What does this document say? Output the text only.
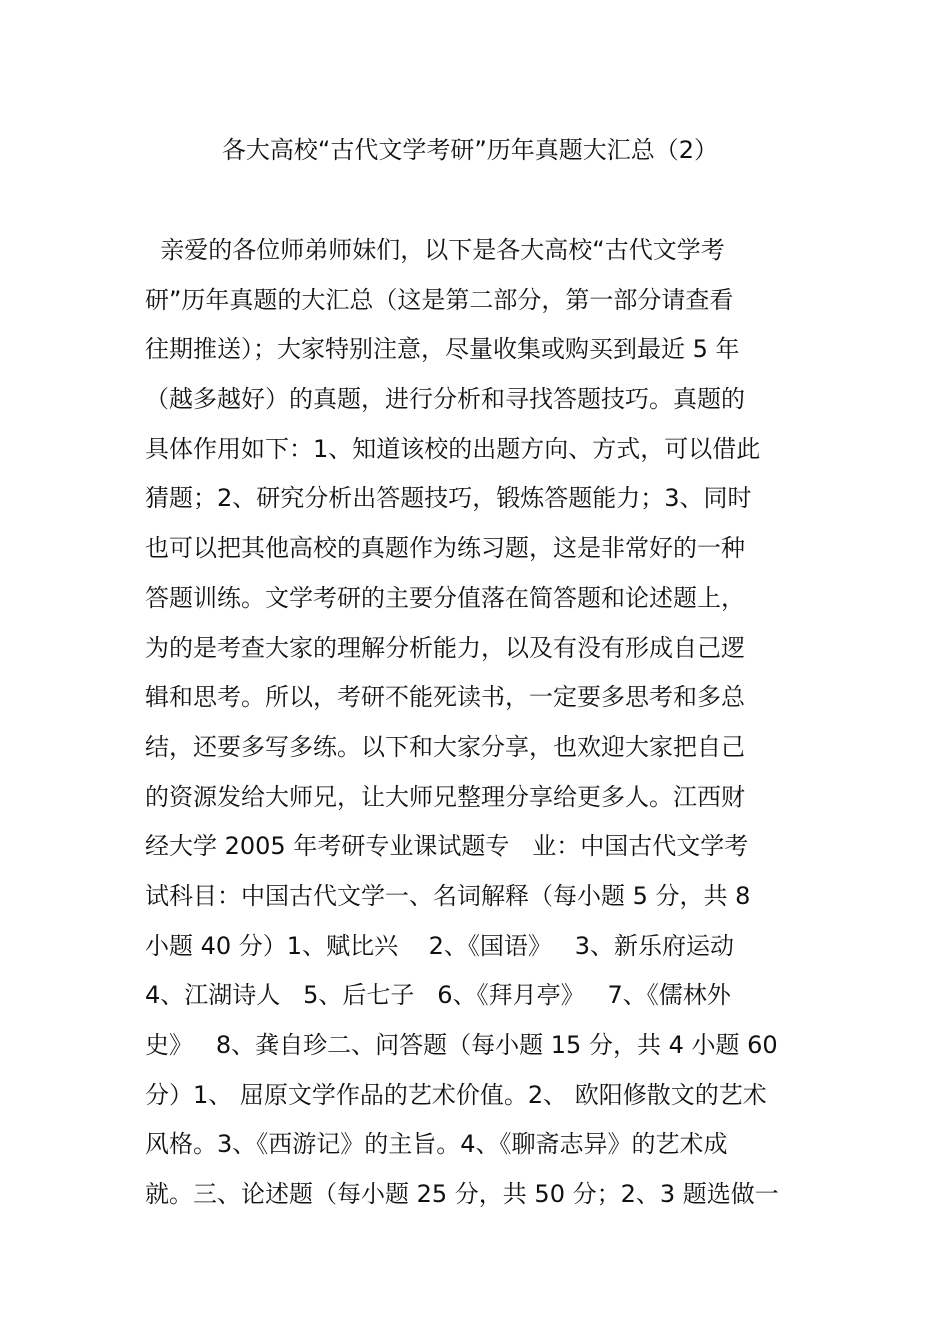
各大高校“古代文学考研”历年真题大汇总（2）
亲爱的各位师弟师妹们，以下是各大高校“古代文学考
研”历年真题的大汇总（这是第二部分，第一部分请查看
往期推送）；大家特别注意，尽量收集或购买到最近 5 年
（越多越好）的真题，进行分析和寻找答题技巧。真题的
具体作用如下：1、知道该校的出题方向、方式，可以借此
猜题；2、研究分析出答题技巧，锻炼答题能力；3、同时
也可以把其他高校的真题作为练习题，这是非常好的一种
答题训练。文学考研的主要分值落在简答题和论述题上，
为的是考查大家的理解分析能力，以及有没有形成自己逻
辑和思考。所以，考研不能死读书，一定要多思考和多总
结，还要多写多练。以下和大家分享，也欢迎大家把自己
的资源发给大师兄，让大师兄整理分享给更多人。江西财
经大学 2005 年考研专业课试题专   业：中国古代文学考
试科目：中国古代文学一、名词解释（每小题 5 分，共 8
小题 40 分）1、赋比兴    2、《国语》   3、新乐府运动
4、江湖诗人   5、后七子   6、《拜月亭》   7、《儒林外
史》   8、龚自珍二、问答题（每小题 15 分，共 4 小题 60
分）1、 屈原文学作品的艺术价值。2、 欧阳修散文的艺术
风格。3、《西游记》的主旨。4、《聊斋志异》的艺术成
就。三、论述题（每小题 25 分，共 50 分；2、3 题选做一
